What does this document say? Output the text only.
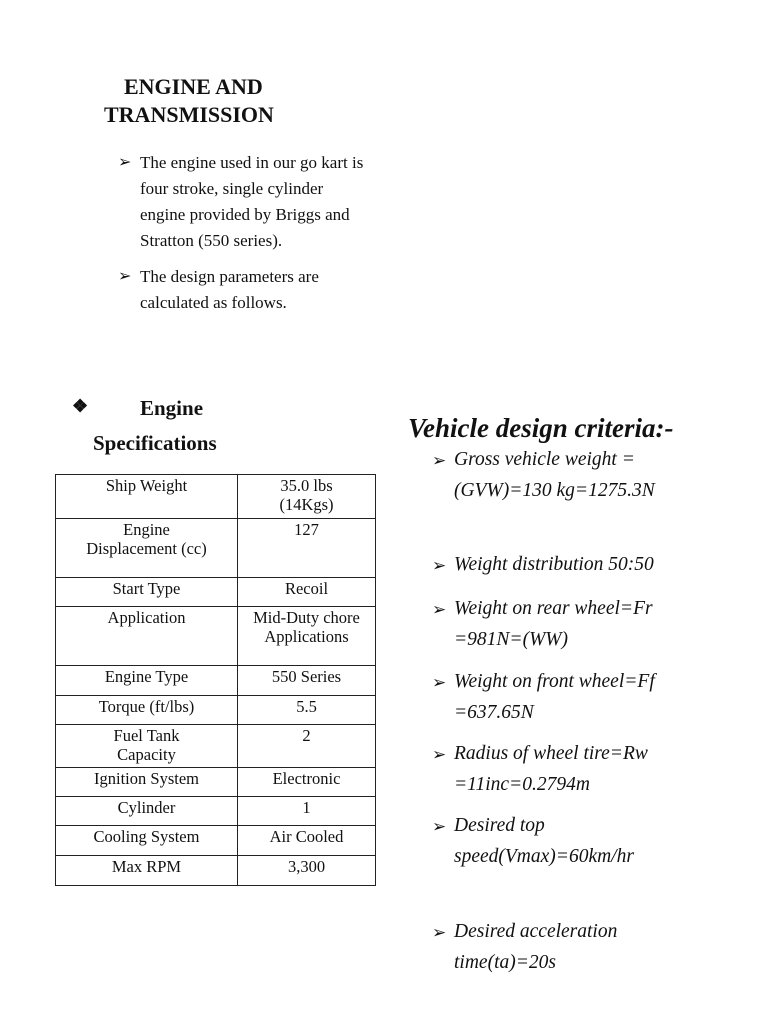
ENGINE AND
TRANSMISSION
➢ The engine used in our go kart is four stroke, single cylinder engine provided by Briggs and Stratton (550 series).
➢ The design parameters are calculated as follows.
❖ Engine
Specifications
Ship Weight	35.0 lbs (14Kgs)

Engine Displacement (cc)	127
Start Type	Recoil
Application	Mid-Duty chore Applications

Engine Type	550 Series
Torque (ft/lbs)	5.5

Fuel Tank Capacity	2
Ignition System	Electronic
Cylinder	1
Cooling System	Air Cooled
Max RPM	3,300
Vehicle design criteria:-
➢ Gross vehicle weight =(GVW)=130 kg=1275.3N
➢ Weight distribution 50:50
➢ Weight on rear wheel=Fr =981N=(WW)
➢ Weight on front wheel=Ff =637.65N
➢ Radius of wheel tire=Rw =11inc=0.2794m
➢ Desired top speed(Vmax)=60km/hr
➢ Desired acceleration time(ta)=20s
